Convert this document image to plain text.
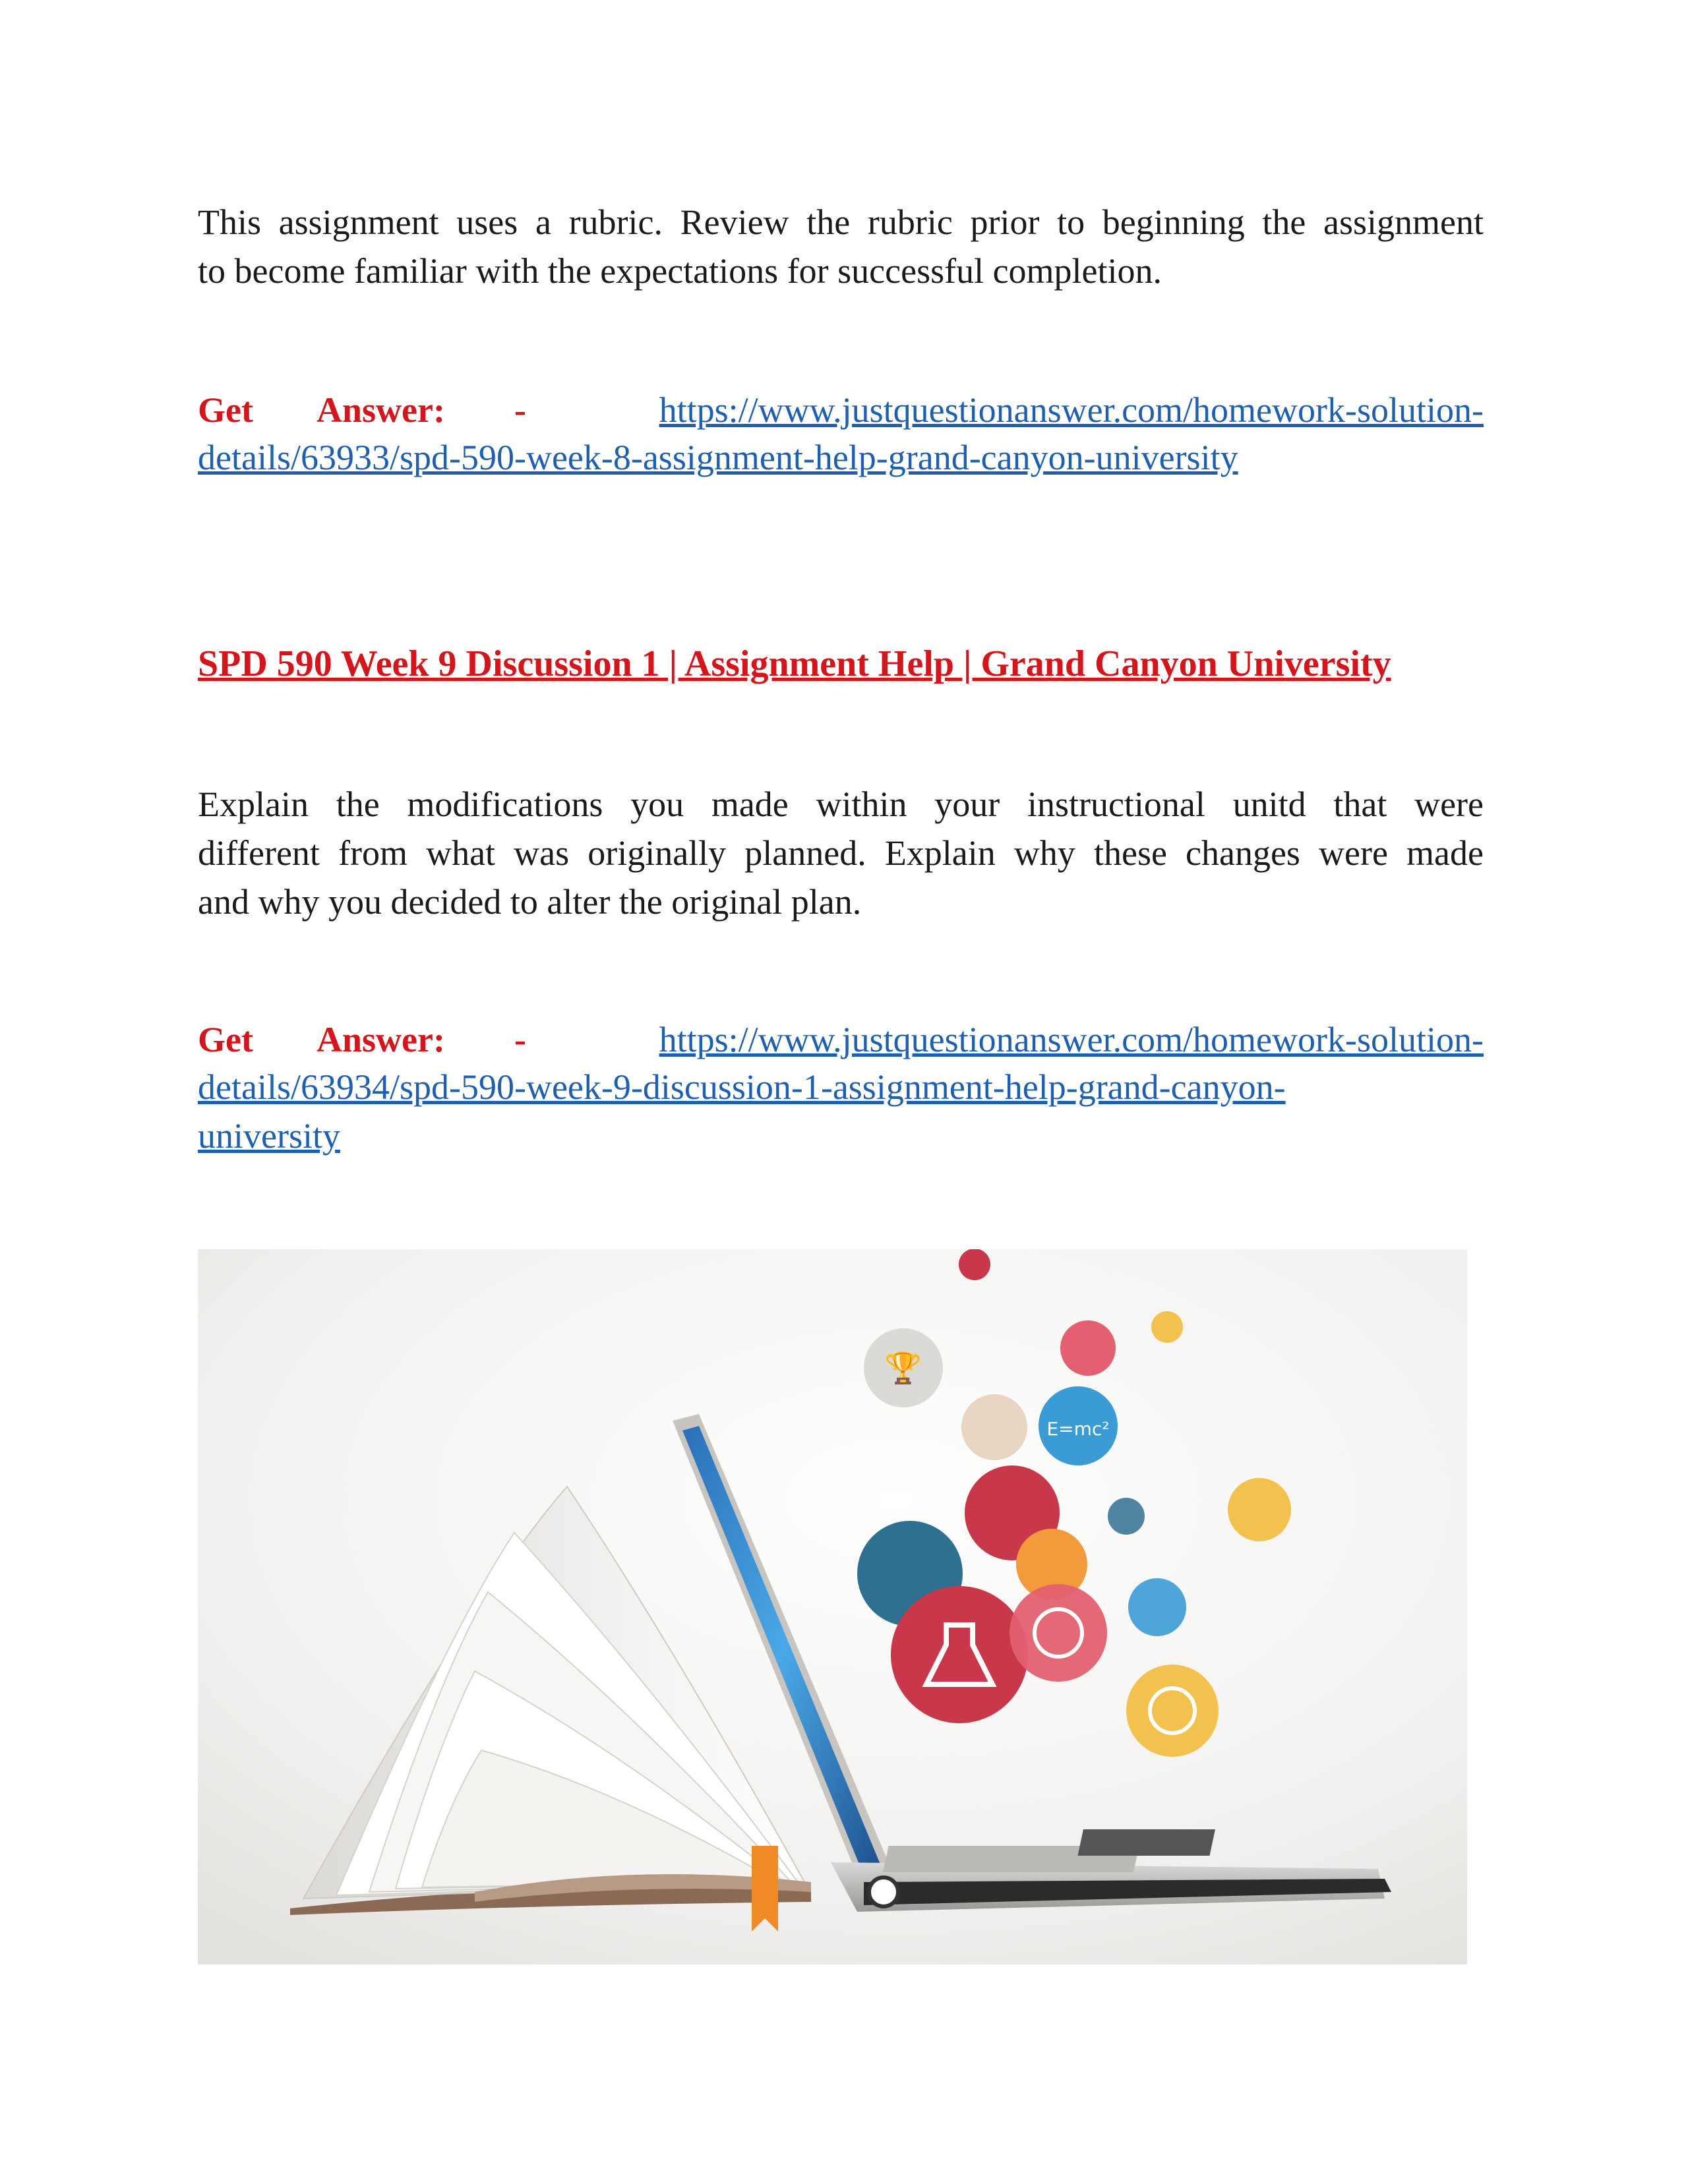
This assignment uses a rubric. Review the rubric prior to beginning the assignment
to become familiar with the expectations for successful completion.

Get Answer: -	https://www.justquestionanswer.com/homework-solution-
details/63933/spd-590-week-8-assignment-help-grand-canyon-university
SPD 590 Week 9 Discussion 1 | Assignment Help | Grand Canyon University

Explain the modifications you made within your instructional unitd that were
different from what was originally planned. Explain why these changes were made
and why you decided to alter the original plan.

Get Answer: -	https://www.justquestionanswer.com/homework-solution-
details/63934/spd-590-week-9-discussion-1-assignment-help-grand-canyon-
university
🏆
E=mc²
